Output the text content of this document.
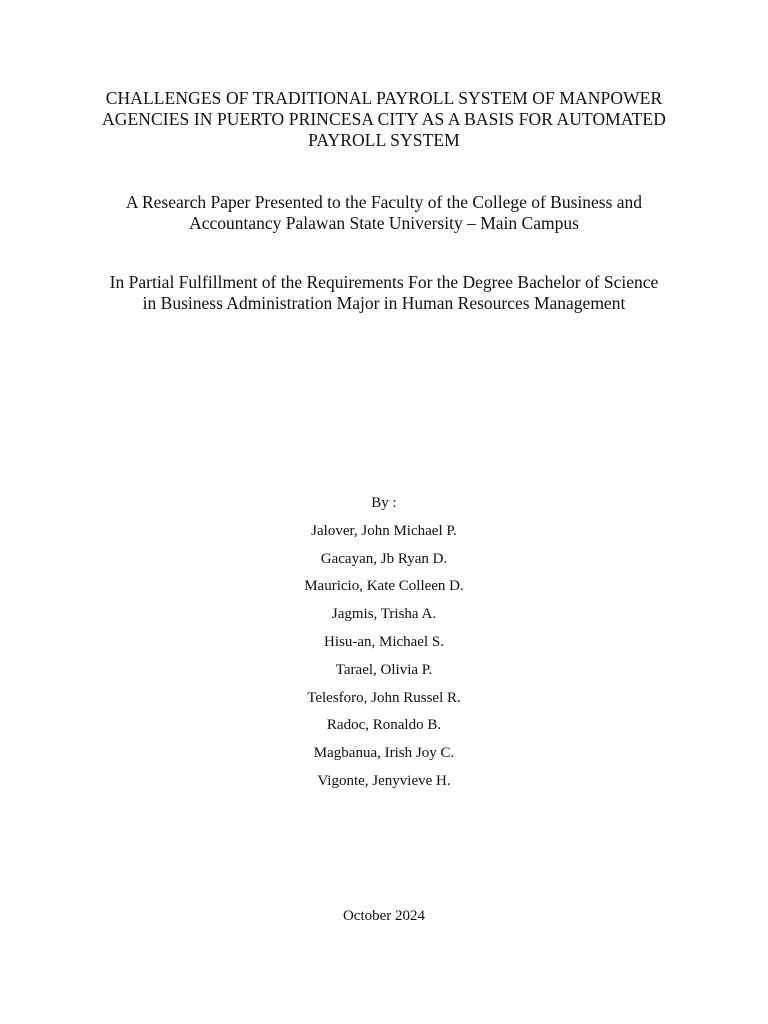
CHALLENGES OF TRADITIONAL PAYROLL SYSTEM OF MANPOWER
AGENCIES IN PUERTO PRINCESA CITY AS A BASIS FOR AUTOMATED
PAYROLL SYSTEM
A Research Paper Presented to the Faculty of the College of Business and
Accountancy Palawan State University – Main Campus
In Partial Fulfillment of the Requirements For the Degree Bachelor of Science
in Business Administration Major in Human Resources Management
By :
Jalover, John Michael P.
Gacayan, Jb Ryan D.
Mauricio, Kate Colleen D.
Jagmis, Trisha A.
Hisu-an, Michael S.
Tarael, Olivia P.
Telesforo, John Russel R.
Radoc, Ronaldo B.
Magbanua, Irish Joy C.
Vigonte, Jenyvieve H.
October 2024
